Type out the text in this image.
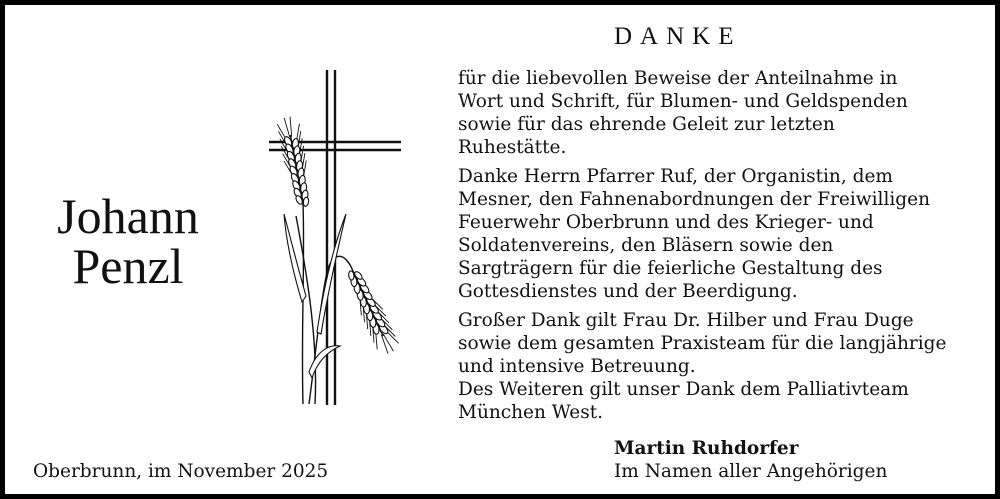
DANKE
Johann
Penzl
für die liebevollen Beweise der Anteilnahme in
Wort und Schrift, für Blumen- und Geldspenden
sowie für das ehrende Geleit zur letzten
Ruhestätte.
Danke Herrn Pfarrer Ruf, der Organistin, dem
Mesner, den Fahnenabordnungen der Freiwilligen
Feuerwehr Oberbrunn und des Krieger- und
Soldatenvereins, den Bläsern sowie den
Sargträgern für die feierliche Gestaltung des
Gottesdienstes und der Beerdigung.
Großer Dank gilt Frau Dr. Hilber und Frau Duge
sowie dem gesamten Praxisteam für die langjährige
und intensive Betreuung.
Des Weiteren gilt unser Dank dem Palliativteam
München West.
Martin Ruhdorfer
Im Namen aller Angehörigen
Oberbrunn, im November 2025
